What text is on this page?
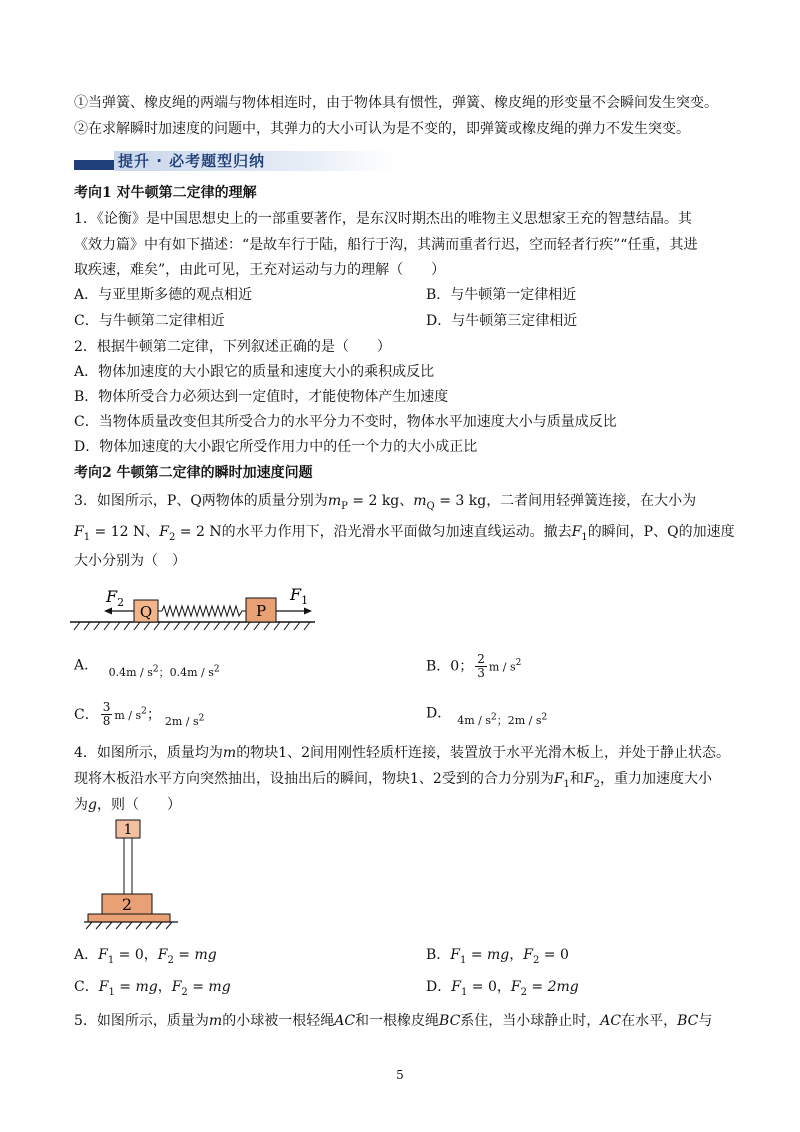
①当弹簧、橡皮绳的两端与物体相连时，由于物体具有惯性，弹簧、橡皮绳的形变量不会瞬间发生突变。
②在求解瞬时加速度的问题中，其弹力的大小可认为是不变的，即弹簧或橡皮绳的弹力不发生突变。
提升 · 必考题型归纳
考向1 对牛顿第二定律的理解
1．《论衡》是中国思想史上的一部重要著作，是东汉时期杰出的唯物主义思想家王充的智慧结晶。其
《效力篇》中有如下描述：“是故车行于陆，船行于沟，其满而重者行迟，空而轻者行疾”“任重，其进
取疾速，难矣”，由此可见，王充对运动与力的理解（　　）
A．与亚里斯多德的观点相近	B．与牛顿第一定律相近
C．与牛顿第二定律相近	D．与牛顿第三定律相近
2．根据牛顿第二定律，下列叙述正确的是（　　）
A．物体加速度的大小跟它的质量和速度大小的乘积成反比
B．物体所受合力必须达到一定值时，才能使物体产生加速度
C．当物体质量改变但其所受合力的水平分力不变时，物体水平加速度大小与质量成反比
D．物体加速度的大小跟它所受作用力中的任一个力的大小成正比
考向2 牛顿第二定律的瞬时加速度问题
3．如图所示，P、Q两物体的质量分别为$m_P = 2$ kg、$m_Q = 3$ kg，二者间用轻弹簧连接，在大小为
$F_1 = 12$ N、$F_2 = 2$ N的水平力作用下，沿光滑水平面做匀加速直线运动。撤去$F_1$的瞬间，P、Q的加速度
大小分别为（　）
Q	P
$F_2$	$F_1$
A． $_{0.4m / s^2;0.4m / s^2}$	B．0； $\frac{2}{3}$ m / $s^2$
C． $\frac{3}{8}$ m / $s^2$； $_{2m / s^2}$	D． $_{4m / s^2;2m / s^2}$
4．如图所示，质量均为m的物块1、2间用刚性轻质杆连接，装置放于水平光滑木板上，并处于静止状态。
现将木板沿水平方向突然抽出，设抽出后的瞬间，物块1、2受到的合力分别为$F_1$和$F_2$，重力加速度大小
为g，则（　　）
1
2
A．$F_1 = 0$，$F_2$ = mg	B．$F_1$ = mg，$F_2 = 0$
C．$F_1$ = mg，$F_2$ = mg	D．$F_1 = 0$，$F_2 = 2mg$
5．如图所示，质量为m的小球被一根轻绳AC和一根橡皮绳BC系住，当小球静止时，AC在水平，BC与
5
